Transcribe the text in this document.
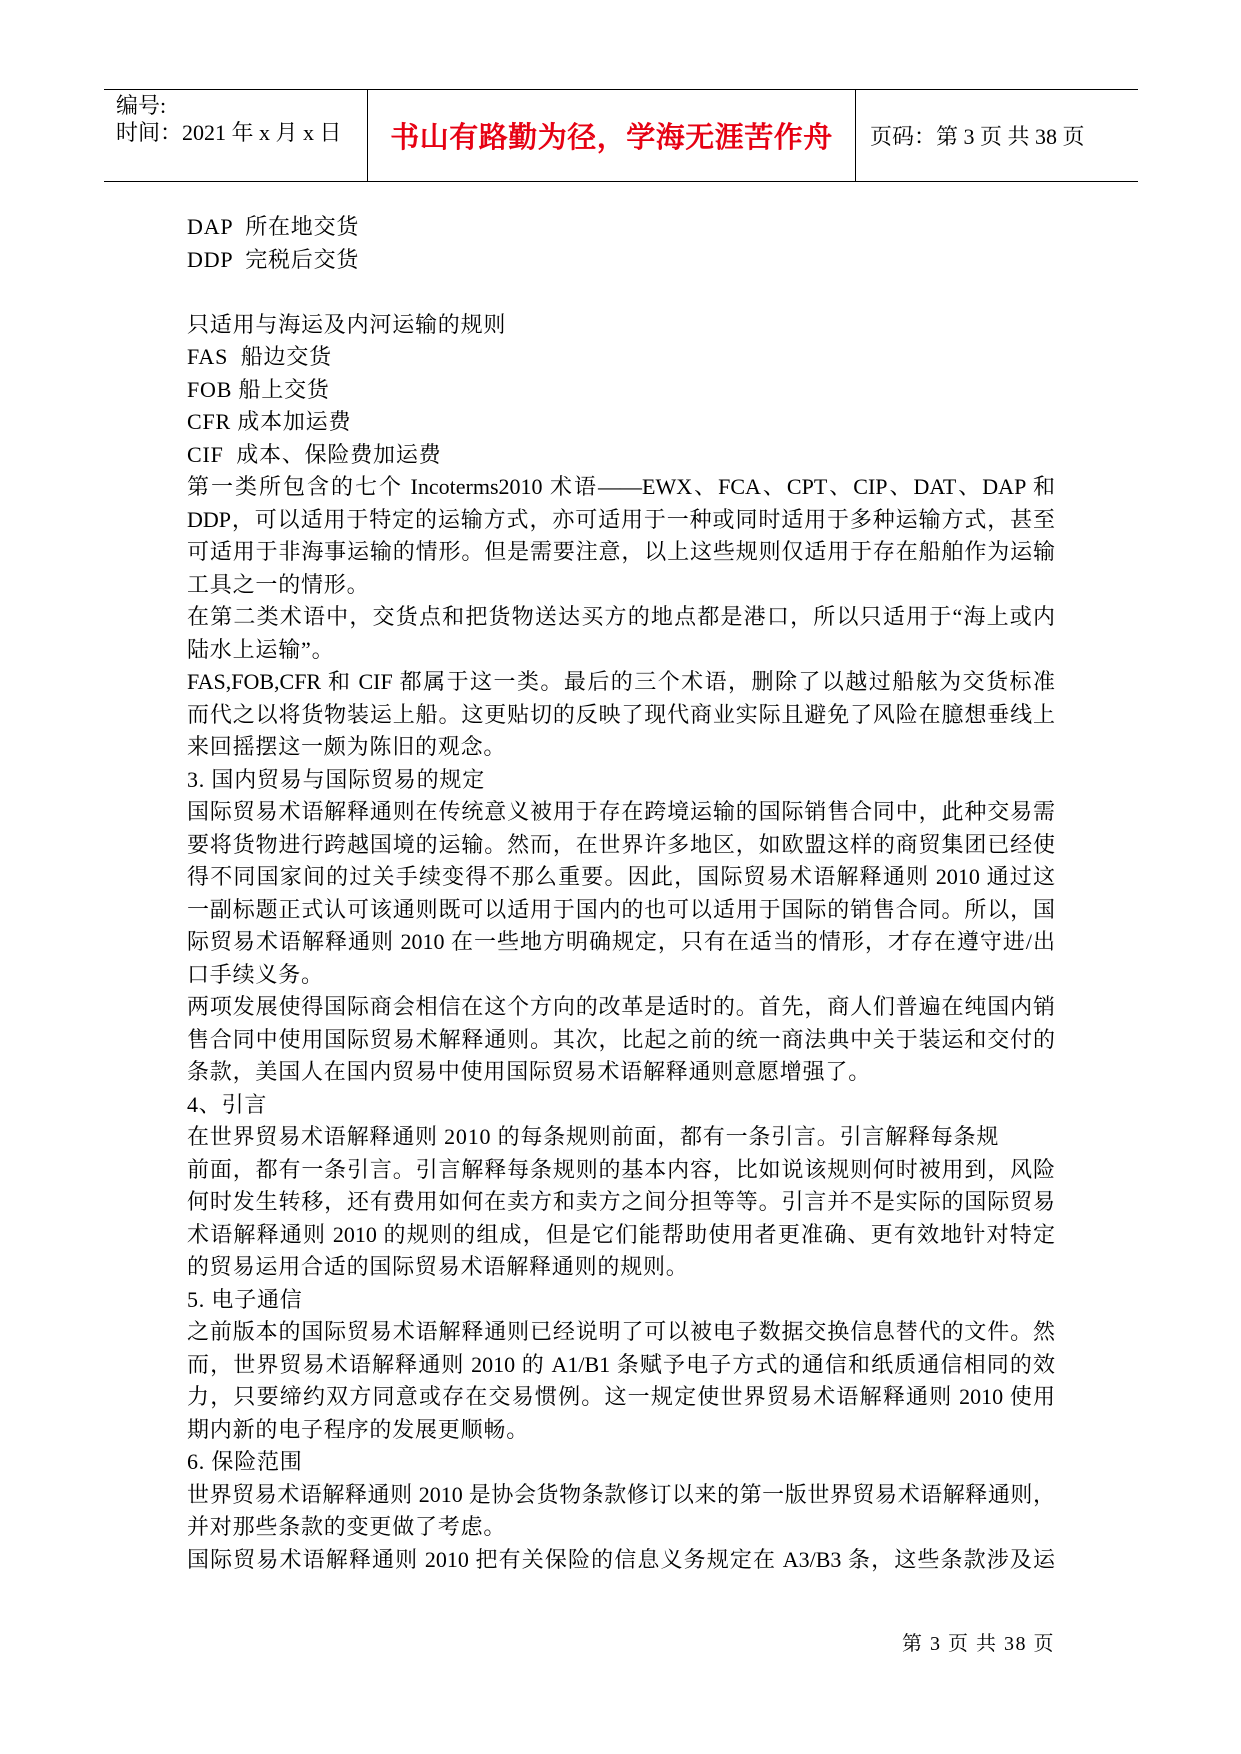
编号:
时间：2021 年 x 月 x 日	书山有路勤为径，学海无涯苦作舟 页码：第 3 页 共 38 页
DAP  所在地交货
DDP  完税后交货
只适用与海运及内河运输的规则
FAS  船边交货
FOB 船上交货
CFR 成本加运费
CIF  成本、保险费加运费
第一类所包含的七个 Incoterms2010 术语——EWX、FCA、CPT、CIP、DAT、DAP 和
DDP，可以适用于特定的运输方式，亦可适用于一种或同时适用于多种运输方式，甚至
可适用于非海事运输的情形。但是需要注意，以上这些规则仅适用于存在船舶作为运输
工具之一的情形。
在第二类术语中，交货点和把货物送达买方的地点都是港口，所以只适用于“海上或内
陆水上运输”。
FAS,FOB,CFR 和 CIF 都属于这一类。最后的三个术语，删除了以越过船舷为交货标准
而代之以将货物装运上船。这更贴切的反映了现代商业实际且避免了风险在臆想垂线上
来回摇摆这一颇为陈旧的观念。
3. 国内贸易与国际贸易的规定
国际贸易术语解释通则在传统意义被用于存在跨境运输的国际销售合同中，此种交易需
要将货物进行跨越国境的运输。然而，在世界许多地区，如欧盟这样的商贸集团已经使
得不同国家间的过关手续变得不那么重要。因此，国际贸易术语解释通则 2010 通过这
一副标题正式认可该通则既可以适用于国内的也可以适用于国际的销售合同。所以，国
际贸易术语解释通则 2010 在一些地方明确规定，只有在适当的情形，才存在遵守进/出
口手续义务。
两项发展使得国际商会相信在这个方向的改革是适时的。首先，商人们普遍在纯国内销
售合同中使用国际贸易术解释通则。其次，比起之前的统一商法典中关于装运和交付的
条款，美国人在国内贸易中使用国际贸易术语解释通则意愿增强了。
4、引言
在世界贸易术语解释通则 2010 的每条规则前面，都有一条引言。引言解释每条规
前面，都有一条引言。引言解释每条规则的基本内容，比如说该规则何时被用到，风险
何时发生转移，还有费用如何在卖方和卖方之间分担等等。引言并不是实际的国际贸易
术语解释通则 2010 的规则的组成，但是它们能帮助使用者更准确、更有效地针对特定
的贸易运用合适的国际贸易术语解释通则的规则。
5. 电子通信
之前版本的国际贸易术语解释通则已经说明了可以被电子数据交换信息替代的文件。然
而，世界贸易术语解释通则 2010 的 A1/B1 条赋予电子方式的通信和纸质通信相同的效
力，只要缔约双方同意或存在交易惯例。这一规定使世界贸易术语解释通则 2010 使用
期内新的电子程序的发展更顺畅。
6. 保险范围
世界贸易术语解释通则 2010 是协会货物条款修订以来的第一版世界贸易术语解释通则，
并对那些条款的变更做了考虑。
国际贸易术语解释通则 2010 把有关保险的信息义务规定在 A3/B3 条，这些条款涉及运
第 3 页 共 38 页
